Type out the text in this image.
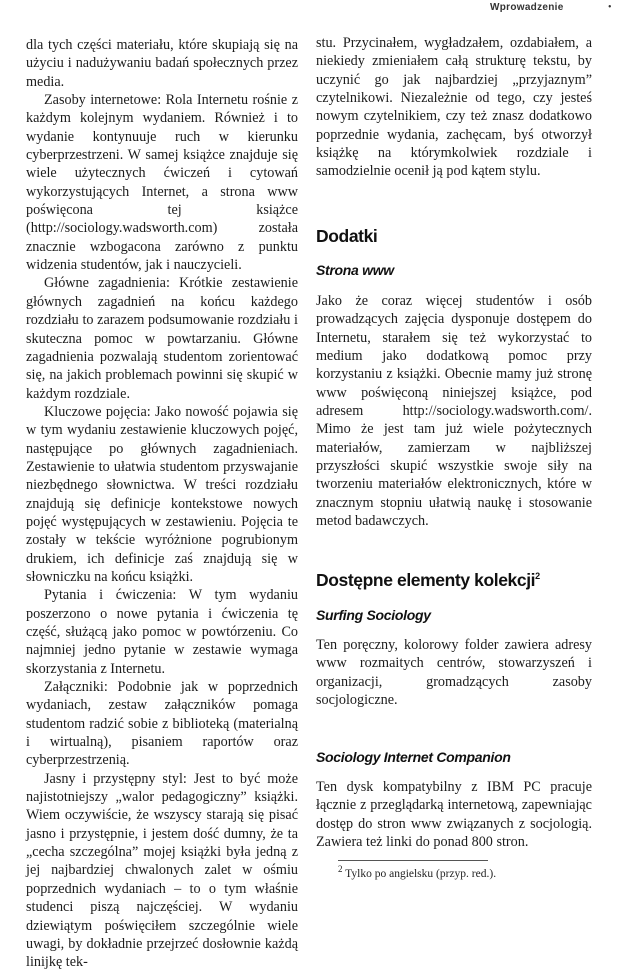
Wprowadzenie	•

dla tych części materiału, które skupiają się na użyciu i nadużywaniu badań społecznych przez media.

Zasoby internetowe: Rola Internetu rośnie z każdym kolejnym wydaniem. Również i to wydanie kontynuuje ruch w kierunku cyberprzestrzeni. W samej książce znajduje się wiele użytecznych ćwiczeń i cytowań wykorzystujących Internet, a strona www poświęcona tej książce (http://sociology.wadsworth.com) została znacznie wzbogacona zarówno z punktu widzenia studentów, jak i nauczycieli.

Główne zagadnienia: Krótkie zestawienie głównych zagadnień na końcu każdego rozdziału to zarazem podsumowanie rozdziału i skuteczna pomoc w powtarzaniu. Główne zagadnienia pozwalają studentom zorientować się, na jakich problemach powinni się skupić w każdym rozdziale.

Kluczowe pojęcia: Jako nowość pojawia się w tym wydaniu zestawienie kluczowych pojęć, następujące po głównych zagadnieniach. Zestawienie to ułatwia studentom przyswajanie niezbędnego słownictwa. W treści rozdziału znajdują się definicje kontekstowe nowych pojęć występujących w zestawieniu. Pojęcia te zostały w tekście wyróżnione pogrubionym drukiem, ich definicje zaś znajdują się w słowniczku na końcu książki.

Pytania i ćwiczenia: W tym wydaniu poszerzono o nowe pytania i ćwiczenia tę część, służącą jako pomoc w powtórzeniu. Co najmniej jedno pytanie w zestawie wymaga skorzystania z Internetu.

Załączniki: Podobnie jak w poprzednich wydaniach, zestaw załączników pomaga studentom radzić sobie z biblioteką (materialną i wirtualną), pisaniem raportów oraz cyberprzestrzenią.

Jasny i przystępny styl: Jest to być może najistotniejszy „walor pedagogiczny” książki. Wiem oczywiście, że wszyscy starają się pisać jasno i przystępnie, i jestem dość dumny, że ta „cecha szczególna” mojej książki była jedną z jej najbardziej chwalonych zalet w ośmiu poprzednich wydaniach – to o tym właśnie studenci piszą najczęściej. W wydaniu dziewiątym poświęciłem szczególnie wiele uwagi, by dokładnie przejrzeć dosłownie każdą linijkę tek-

stu. Przycinałem, wygładzałem, ozdabiałem, a niekiedy zmieniałem całą strukturę tekstu, by uczynić go jak najbardziej „przyjaznym” czytelnikowi. Niezależnie od tego, czy jesteś nowym czytelnikiem, czy też znasz dodatkowo poprzednie wydania, zachęcam, byś otworzył książkę na którymkolwiek rozdziale i samodzielnie ocenił ją pod kątem stylu.

Dodatki
Strona www

Jako że coraz więcej studentów i osób prowadzących zajęcia dysponuje dostępem do Internetu, starałem się też wykorzystać to medium jako dodatkową pomoc przy korzystaniu z książki. Obecnie mamy już stronę www poświęconą niniejszej książce, pod adresem http://sociology.wadsworth.com/. Mimo że jest tam już wiele pożytecznych materiałów, zamierzam w najbliższej przyszłości skupić wszystkie swoje siły na tworzeniu materiałów elektronicznych, które w znacznym stopniu ułatwią naukę i stosowanie metod badawczych.

Dostępne elementy kolekcji$^2$
Surfing Sociology

Ten poręczny, kolorowy folder zawiera adresy www rozmaitych centrów, stowarzyszeń i organizacji, gromadzących zasoby socjologiczne.

Sociology Internet Companion

Ten dysk kompatybilny z IBM PC pracuje łącznie z przeglądarką internetową, zapewniając dostęp do stron www związanych z socjologią. Zawiera też linki do ponad 800 stron.

$^2$ Tylko po angielsku (przyp. red.).
